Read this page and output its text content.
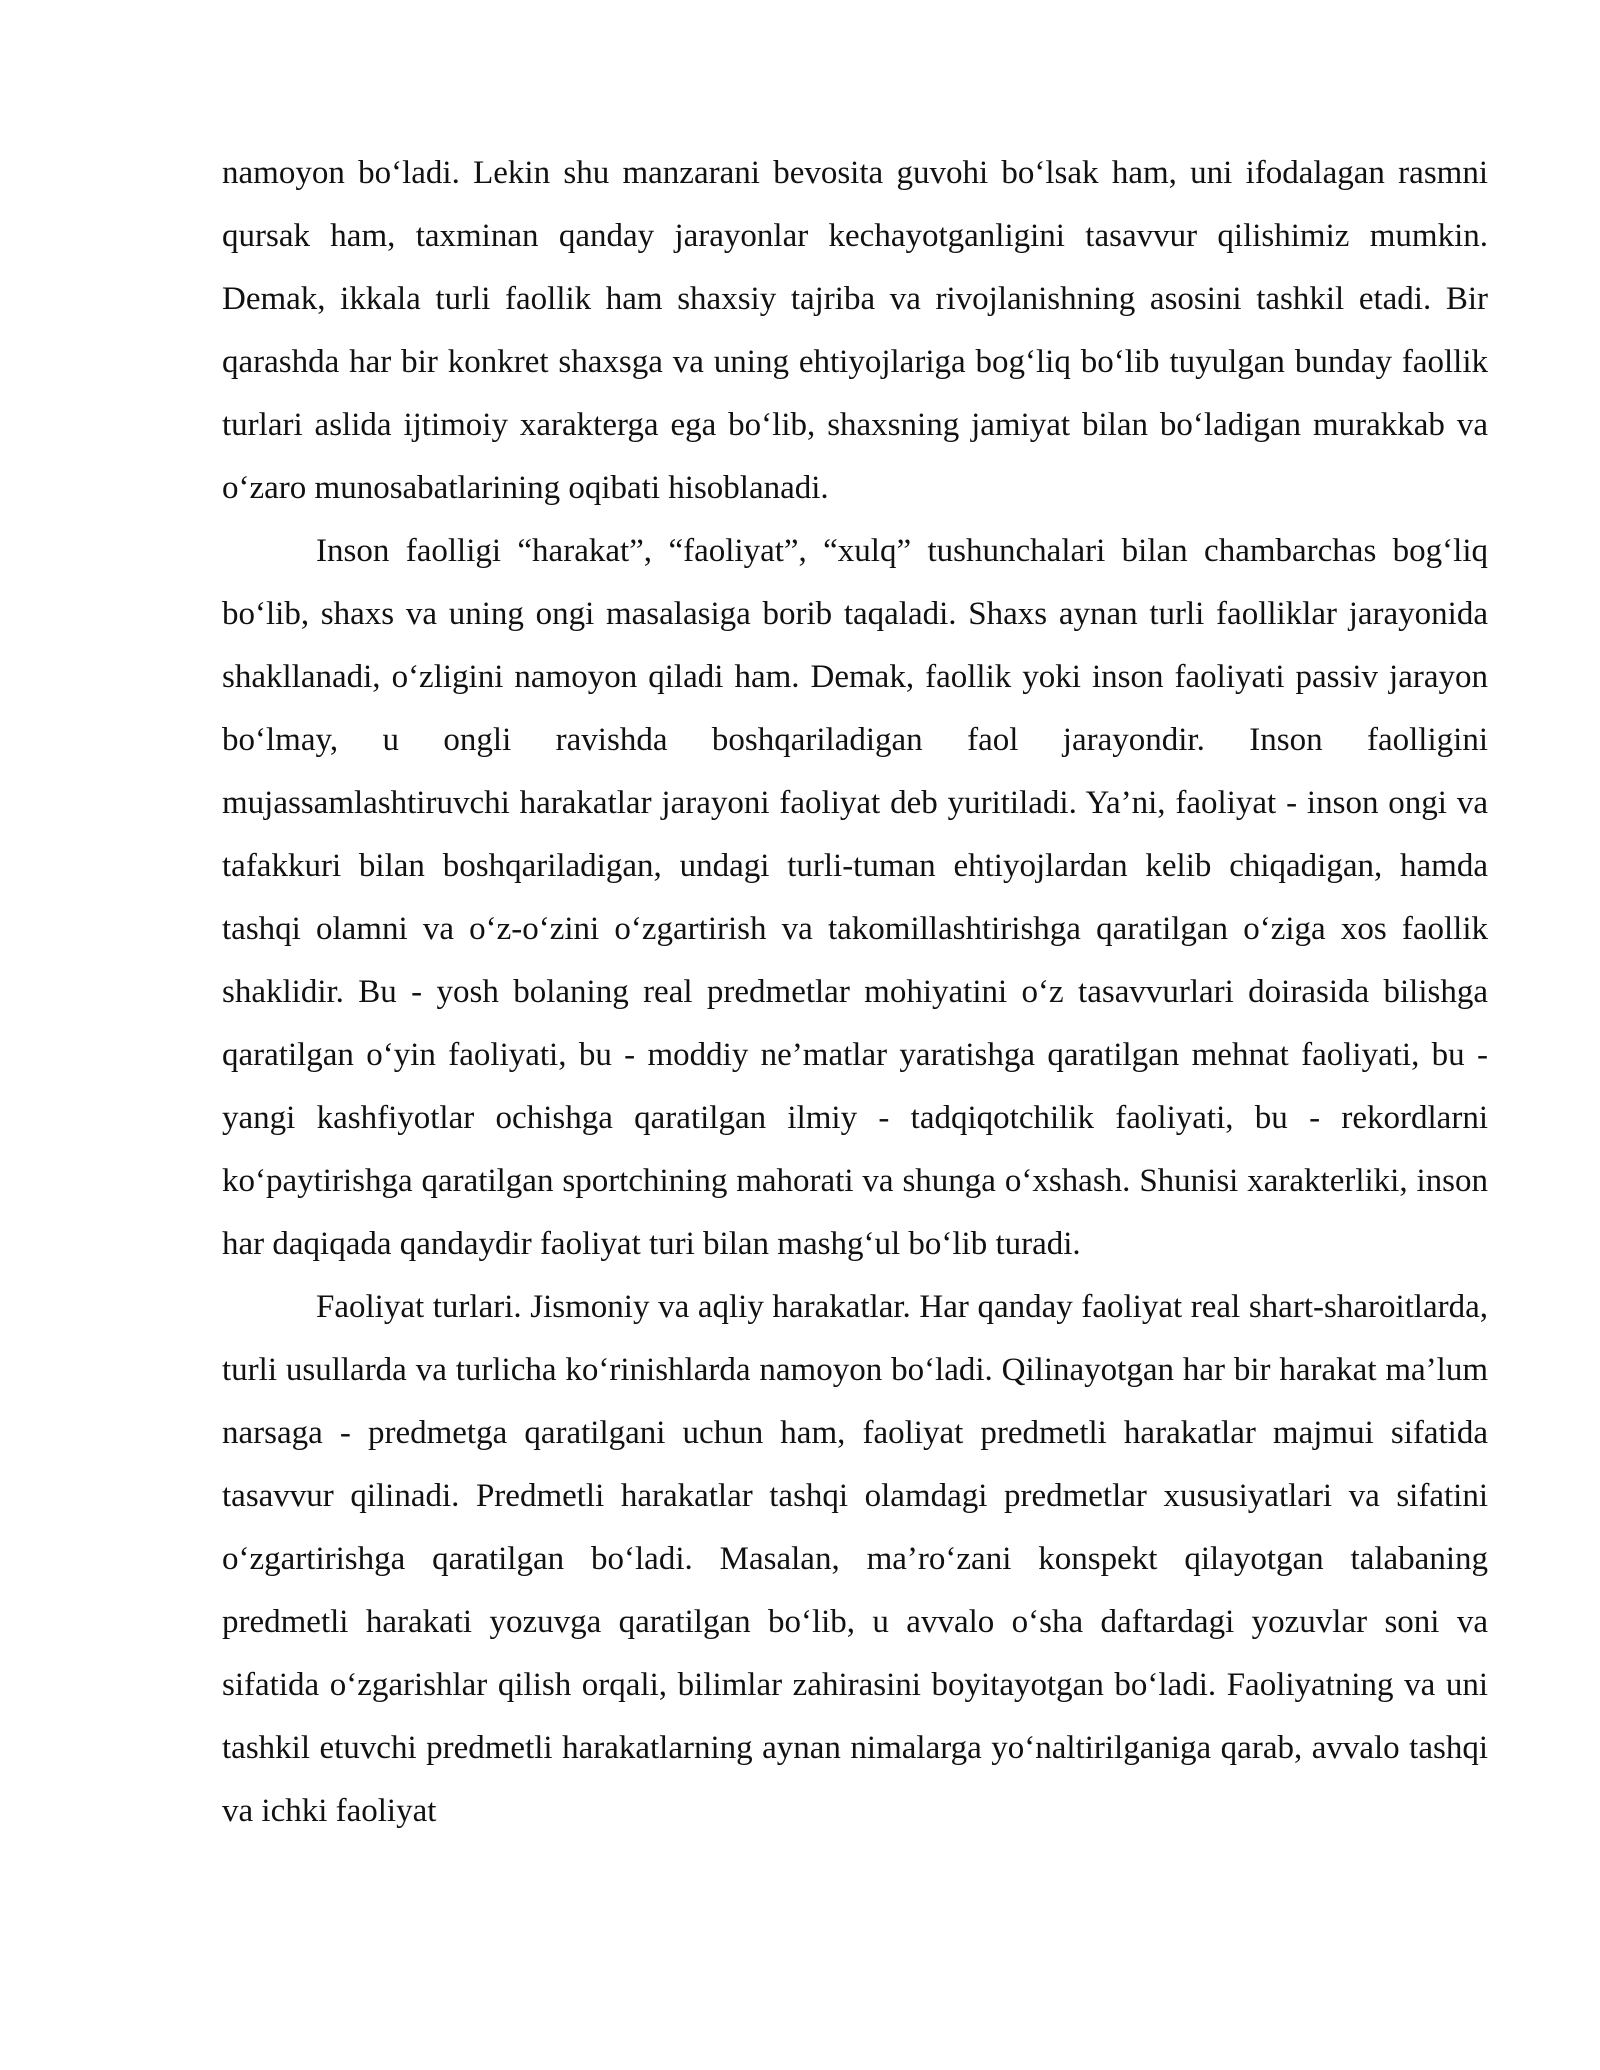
namoyon bo‘ladi. Lekin shu manzarani bevosita guvohi bo‘lsak ham, uni ifodalagan rasmni qursak ham, taxminan qanday jarayonlar kechayotganligini tasavvur qilishimiz mumkin. Demak, ikkala turli faollik ham shaxsiy tajriba va rivojlanishning asosini tashkil etadi. Bir qarashda har bir konkret shaxsga va uning ehtiyojlariga bog‘liq bo‘lib tuyulgan bunday faollik turlari aslida ijtimoiy xarakterga ega bo‘lib, shaxsning jamiyat bilan bo‘ladigan murakkab va o‘zaro munosabatlarining oqibati hisoblanadi.

Inson faolligi “harakat”, “faoliyat”, “xulq” tushunchalari bilan chambarchas bog‘liq bo‘lib, shaxs va uning ongi masalasiga borib taqaladi. Shaxs aynan turli faolliklar jarayonida shakllanadi, o‘zligini namoyon qiladi ham. Demak, faollik yoki inson faoliyati passiv jarayon bo‘lmay, u ongli ravishda boshqariladigan faol jarayondir. Inson faolligini mujassamlashtiruvchi harakatlar jarayoni faoliyat deb yuritiladi. Ya’ni, faoliyat - inson ongi va tafakkuri bilan boshqariladigan, undagi turli-tuman ehtiyojlardan kelib chiqadigan, hamda tashqi olamni va o‘z-o‘zini o‘zgartirish va takomillashtirishga qaratilgan o‘ziga xos faollik shaklidir. Bu - yosh bolaning real predmetlar mohiyatini o‘z tasavvurlari doirasida bilishga qaratilgan o‘yin faoliyati, bu - moddiy ne’matlar yaratishga qaratilgan mehnat faoliyati, bu - yangi kashfiyotlar ochishga qaratilgan ilmiy - tadqiqotchilik faoliyati, bu - rekordlarni ko‘paytirishga qaratilgan sportchining mahorati va shunga o‘xshash. Shunisi xarakterliki, inson har daqiqada qandaydir faoliyat turi bilan mashg‘ul bo‘lib turadi.

Faoliyat turlari. Jismoniy va aqliy harakatlar. Har qanday faoliyat real shart-sharoitlarda, turli usullarda va turlicha ko‘rinishlarda namoyon bo‘ladi. Qilinayotgan har bir harakat ma’lum narsaga - predmetga qaratilgani uchun ham, faoliyat predmetli harakatlar majmui sifatida tasavvur qilinadi. Predmetli harakatlar tashqi olamdagi predmetlar xususiyatlari va sifatini o‘zgartirishga qaratilgan bo‘ladi. Masalan, ma’ro‘zani konspekt qilayotgan talabaning predmetli harakati yozuvga qaratilgan bo‘lib, u avvalo o‘sha daftardagi yozuvlar soni va sifatida o‘zgarishlar qilish orqali, bilimlar zahirasini boyitayotgan bo‘ladi. Faoliyatning va uni tashkil etuvchi predmetli harakatlarning aynan nimalarga yo‘naltirilganiga qarab, avvalo tashqi va ichki faoliyat
